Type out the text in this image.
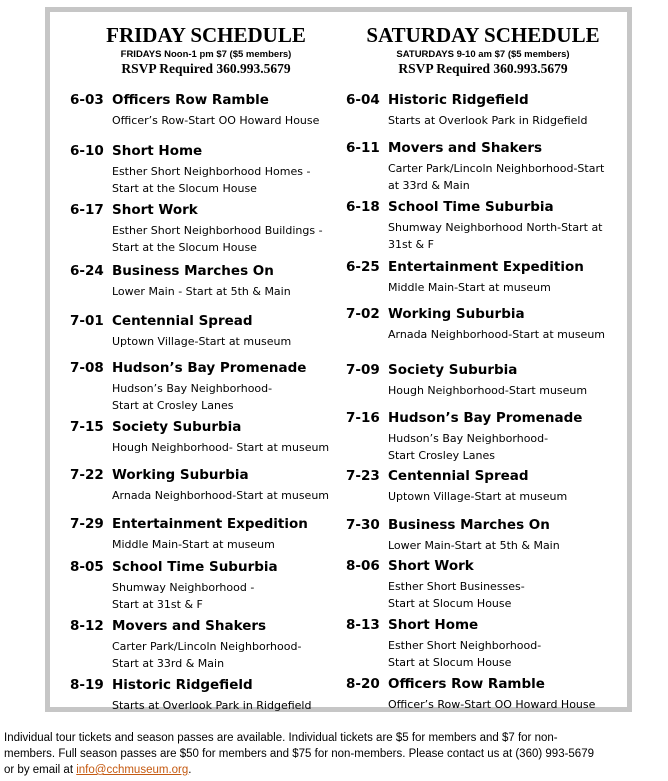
FRIDAY SCHEDULE
FRIDAYS Noon-1 pm $7 ($5 members)
RSVP Required 360.993.5679
6-03 Officers Row Ramble
Officer’s Row-Start OO Howard House
6-10 Short Home
Esther Short Neighborhood Homes -
Start at the Slocum House
6-17 Short Work
Esther Short Neighborhood Buildings -
Start at the Slocum House
6-24 Business Marches On
Lower Main - Start at 5th & Main
7-01 Centennial Spread
Uptown Village-Start at museum
7-08 Hudson’s Bay Promenade
Hudson’s Bay Neighborhood-
Start at Crosley Lanes
7-15 Society Suburbia
Hough Neighborhood- Start at museum
7-22 Working Suburbia
Arnada Neighborhood-Start at museum
7-29 Entertainment Expedition
Middle Main-Start at museum
8-05 School Time Suburbia
Shumway Neighborhood -
Start at 31st & F
8-12 Movers and Shakers
Carter Park/Lincoln Neighborhood-
Start at 33rd & Main
8-19 Historic Ridgefield
Starts at Overlook Park in Ridgefield
SATURDAY SCHEDULE
SATURDAYS 9-10 am $7 ($5 members)
RSVP Required 360.993.5679
6-04 Historic Ridgefield
Starts at Overlook Park in Ridgefield
6-11 Movers and Shakers
Carter Park/Lincoln Neighborhood-Start
at 33rd & Main
6-18 School Time Suburbia
Shumway Neighborhood North-Start at
31st & F
6-25 Entertainment Expedition
Middle Main-Start at museum
7-02 Working Suburbia
Arnada Neighborhood-Start at museum
7-09 Society Suburbia
Hough Neighborhood-Start museum
7-16 Hudson’s Bay Promenade
Hudson’s Bay Neighborhood-
Start Crosley Lanes
7-23 Centennial Spread
Uptown Village-Start at museum
7-30 Business Marches On
Lower Main-Start at 5th & Main
8-06 Short Work
Esther Short Businesses-
Start at Slocum House
8-13 Short Home
Esther Short Neighborhood-
Start at Slocum House
8-20 Officers Row Ramble
Officer’s Row-Start OO Howard House
Individual tour tickets and season passes are available. Individual tickets are $5 for members and $7 for non-
members. Full season passes are $50 for members and $75 for non-members. Please contact us at (360) 993-5679
or by email at info@cchmuseum.org.
